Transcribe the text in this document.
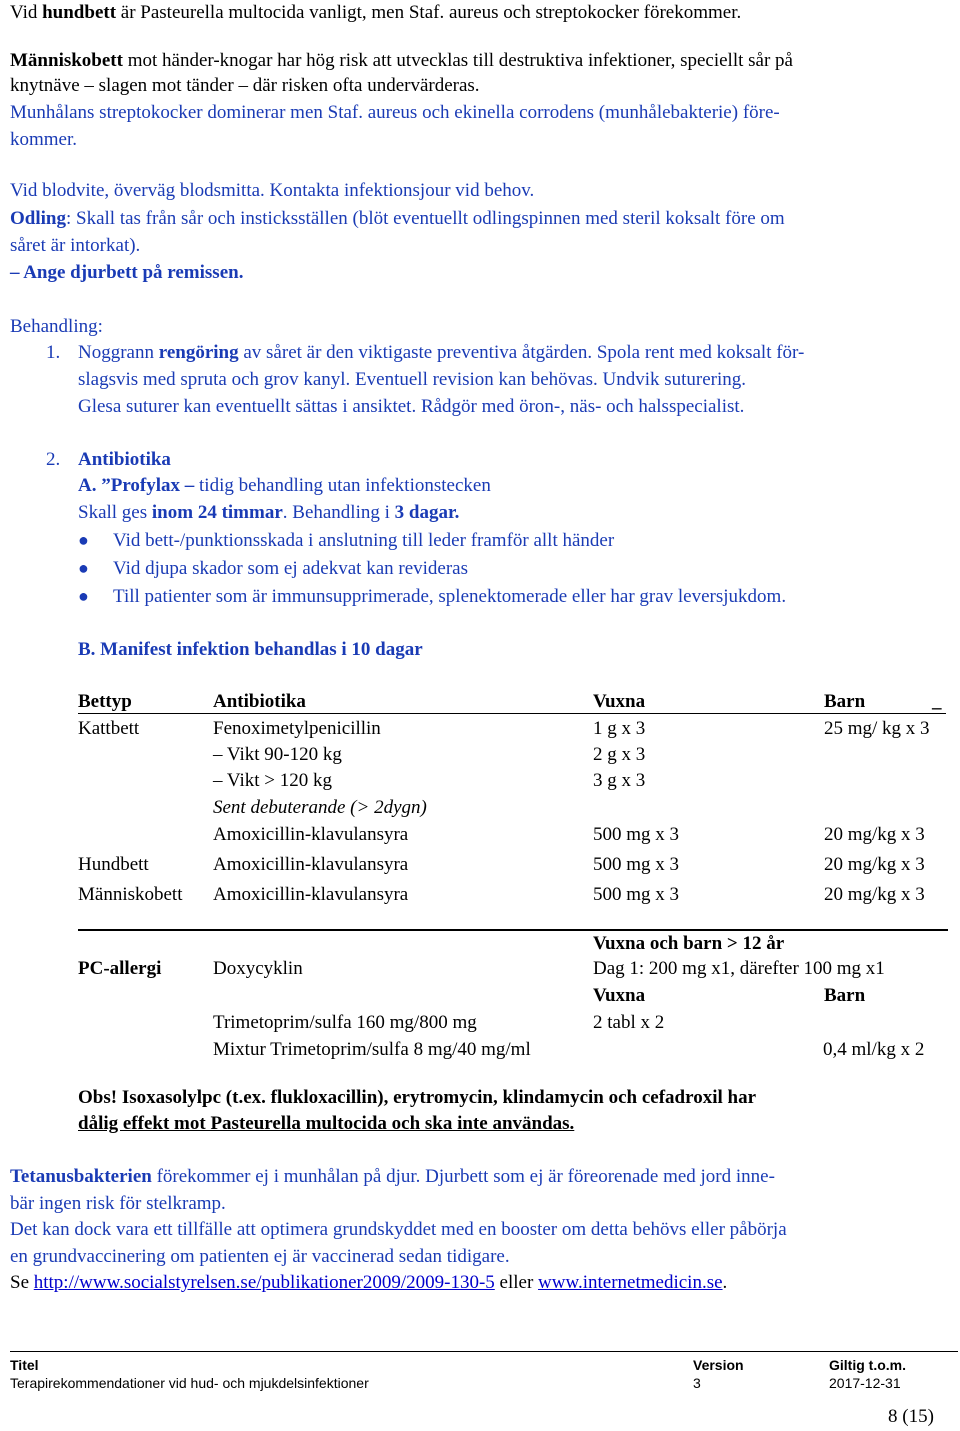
Vid hundbett är Pasteurella multocida vanligt, men Staf. aureus och streptokocker förekommer.
Människobett mot händer-knogar har hög risk att utvecklas till destruktiva infektioner, speciellt sår på
knytnäve – slagen mot tänder – där risken ofta undervärderas.
Munhålans streptokocker dominerar men Staf. aureus och ekinella corrodens (munhålebakterie) före-
kommer.
Vid blodvite, överväg blodsmitta. Kontakta infektionsjour vid behov.
Odling: Skall tas från sår och insticksställen (blöt eventuellt odlingspinnen med steril koksalt före om
såret är intorkat).
– Ange djurbett på remissen.
Behandling:
1. Noggrann rengöring av såret är den viktigaste preventiva åtgärden. Spola rent med koksalt för-
slagsvis med spruta och grov kanyl. Eventuell revision kan behövas. Undvik suturering.
Glesa suturer kan eventuellt sättas i ansiktet. Rådgör med öron-, näs- och halsspecialist.
2. Antibiotika
A. ”Profylax – tidig behandling utan infektionstecken
Skall ges inom 24 timmar. Behandling i 3 dagar.
● Vid bett-/punktionsskada i anslutning till leder framför allt händer
● Vid djupa skador som ej adekvat kan revideras
● Till patienter som är immunsupprimerade, splenektomerade eller har grav leversjukdom.
B. Manifest infektion behandlas i 10 dagar
Bettyp	Antibiotika	Vuxna	Barn	_
Kattbett	Fenoximetylpenicillin	1 g x 3	25 mg/ kg x 3
– Vikt 90-120 kg	2 g x 3
– Vikt > 120 kg	3 g x 3
Sent debuterande (> 2dygn)
Amoxicillin-klavulansyra	500 mg x 3	20 mg/kg x 3
Hundbett	Amoxicillin-klavulansyra	500 mg x 3	20 mg/kg x 3
Människobett Amoxicillin-klavulansyra	500 mg x 3	20 mg/kg x 3
Vuxna och barn > 12 år
PC-allergi	Doxycyklin	Dag 1: 200 mg x1, därefter 100 mg x1
Vuxna	Barn
Trimetoprim/sulfa 160 mg/800 mg	2 tabl x 2
Mixtur Trimetoprim/sulfa 8 mg/40 mg/ml	0,4 ml/kg x 2
Obs! Isoxasolylpc (t.ex. flukloxacillin), erytromycin, klindamycin och cefadroxil har
dålig effekt mot Pasteurella multocida och ska inte användas.
Tetanusbakterien förekommer ej i munhålan på djur. Djurbett som ej är föreorenade med jord inne-
bär ingen risk för stelkramp.
Det kan dock vara ett tillfälle att optimera grundskyddet med en booster om detta behövs eller påbörja
en grundvaccinering om patienten ej är vaccinerad sedan tidigare.
Se http://www.socialstyrelsen.se/publikationer2009/2009-130-5 eller www.internetmedicin.se.
Titel	Version	Giltig t.o.m.
Terapirekommendationer vid hud- och mjukdelsinfektioner	3	2017-12-31
8 (15)
